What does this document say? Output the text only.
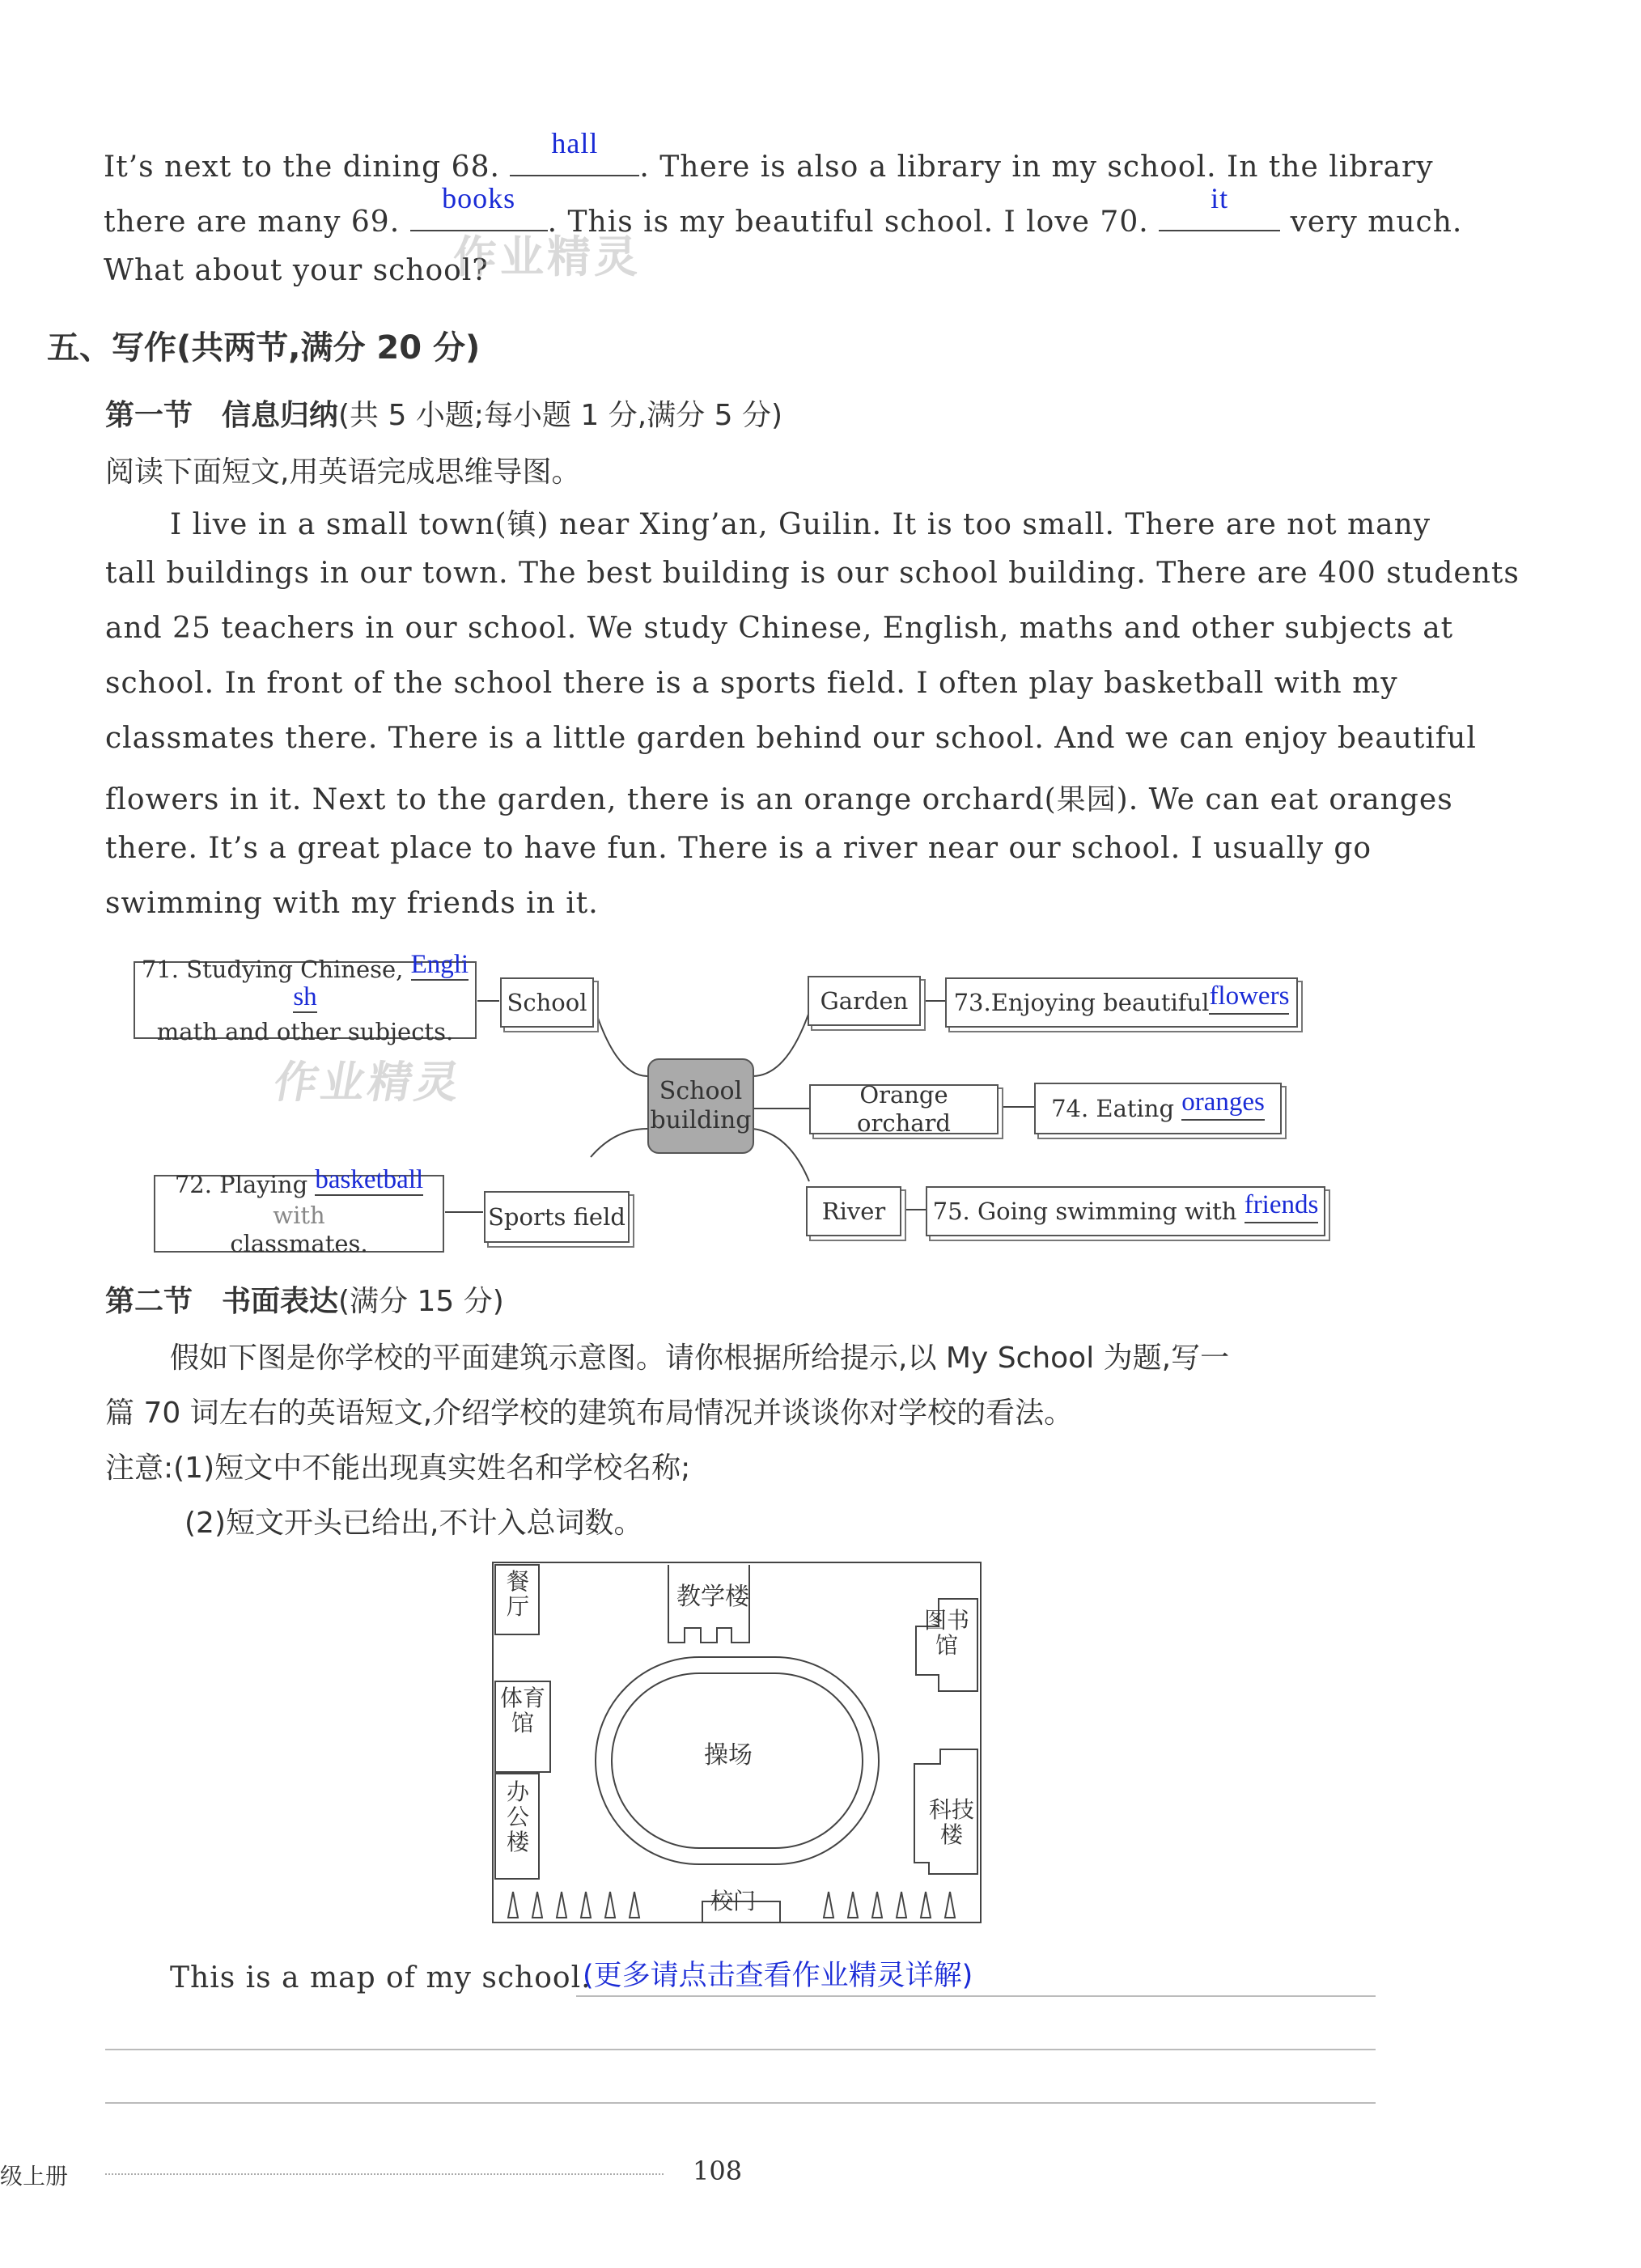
It’s next to the dining 68.
hall
. There is also a library in my school. In the library
there are many 69.
books
. This is my beautiful school. I love 70.
it
very much.
What about your school?
作业精灵
五、写作(共两节,满分 20 分)
第一节　信息归纳(共 5 小题;每小题 1 分,满分 5 分)
阅读下面短文,用英语完成思维导图。
I live in a small town(镇) near Xing’an, Guilin. It is too small. There are not many
tall buildings in our town. The best building is our school building. There are 400 students
and 25 teachers in our school. We study Chinese, English, maths and other subjects at
school. In front of the school there is a sports field. I often play basketball with my
classmates there. There is a little garden behind our school. And we can enjoy beautiful
flowers in it. Next to the garden, there is an orange orchard(果园). We can eat oranges
there. It’s a great place to have fun. There is a river near our school. I usually go
swimming with my friends in it.
71. Studying Chinese, Engli sh
math and other subjects.
School
School
building
72. Playing basketball with
classmates.
Sports field
Garden	73.Enjoying beautiful flowers
Orange orchard
74. Eating
oranges
River	75. Going swimming with
friends
作业精灵
第二节　书面表达(满分 15 分)
假如下图是你学校的平面建筑示意图。请你根据所给提示,以 My School 为题,写一
篇 70 词左右的英语短文,介绍学校的建筑布局情况并谈谈你对学校的看法。
注意:(1)短文中不能出现真实姓名和学校名称;
(2)短文开头已给出,不计入总词数。
餐厅	教学楼
图书馆
体育馆
操场
办公楼
科技楼
校门
This is a map of my school.
(更多请点击查看作业精灵详解)
级上册	108
